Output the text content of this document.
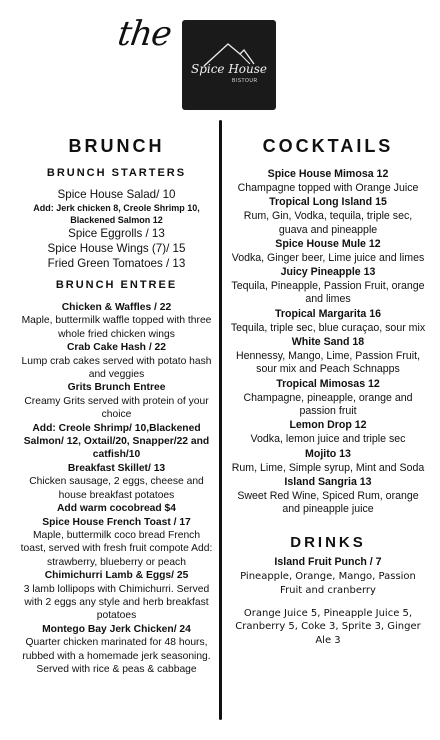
the
Spice House
BISTOUR
BRUNCH
BRUNCH STARTERS
Spice House Salad/ 10
Add: Jerk chicken 8, Creole Shrimp 10, Blackened Salmon 12
Spice Eggrolls / 13
Spice House Wings (7)/ 15
Fried Green Tomatoes / 13
BRUNCH ENTREE
Chicken & Waffles / 22
Maple, buttermilk waffle topped with three whole fried chicken wings
Crab Cake Hash / 22
Lump crab cakes served with potato hash and veggies
Grits Brunch Entree
Creamy Grits served with protein of your choice
Add: Creole Shrimp/ 10,Blackened Salmon/ 12, Oxtail/20, Snapper/22 and catfish/10
Breakfast Skillet/ 13
Chicken sausage, 2 eggs, cheese and house breakfast potatoes
Add warm cocobread $4
Spice House French Toast / 17
Maple, buttermilk coco bread French toast, served with fresh fruit compote Add: strawberry, blueberry or peach
Chimichurri Lamb & Eggs/ 25
3 lamb lollipops with Chimichurri. Served with 2 eggs any style and herb breakfast potatoes
Montego Bay Jerk Chicken/ 24
Quarter chicken marinated for 48 hours, rubbed with a homemade jerk seasoning. Served with rice & peas & cabbage
COCKTAILS
Spice House Mimosa 12
Champagne topped with Orange Juice
Tropical Long Island 15
Rum, Gin, Vodka, tequila, triple sec, guava and pineapple
Spice House Mule 12
Vodka, Ginger beer, Lime juice and limes
Juicy Pineapple 13
Tequila, Pineapple, Passion Fruit, orange and limes
Tropical Margarita 16
Tequila, triple sec, blue curaçao, sour mix
White Sand 18
Hennessy, Mango, Lime, Passion Fruit, sour mix and Peach Schnapps
Tropical Mimosas 12
Champagne, pineapple, orange and passion fruit
Lemon Drop 12
Vodka, lemon juice and triple sec
Mojito 13
Rum, Lime, Simple syrup, Mint and Soda
Island Sangria 13
Sweet Red Wine, Spiced Rum, orange and pineapple juice
DRINKS
Island Fruit Punch / 7
Pineapple, Orange, Mango, Passion Fruit and cranberry
Orange Juice 5, Pineapple Juice 5, Cranberry 5, Coke 3, Sprite 3, Ginger Ale 3
